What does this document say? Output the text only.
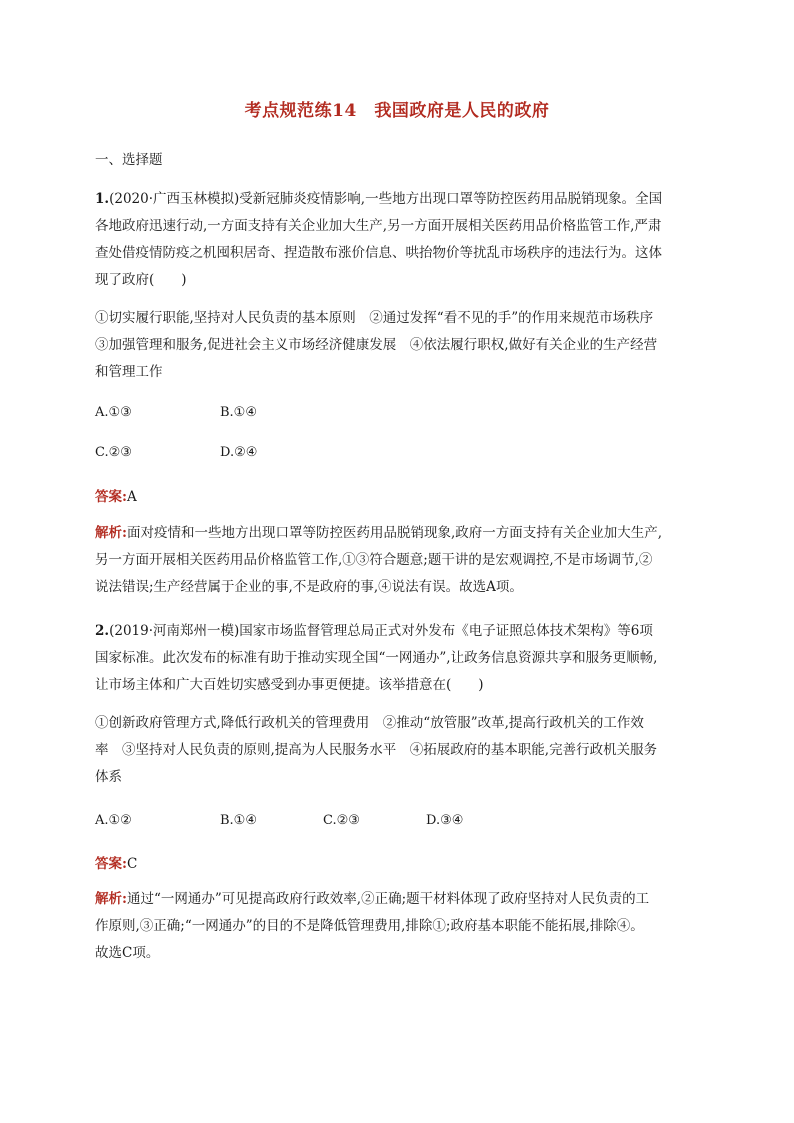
考点规范练14　我国政府是人民的政府
一、选择题
1.(2020·广西玉林模拟)受新冠肺炎疫情影响,一些地方出现口罩等防控医药用品脱销现象。全国
各地政府迅速行动,一方面支持有关企业加大生产,另一方面开展相关医药用品价格监管工作,严肃
查处借疫情防疫之机囤积居奇、捏造散布涨价信息、哄抬物价等扰乱市场秩序的违法行为。这体
现了政府(　　)
①切实履行职能,坚持对人民负责的基本原则　②通过发挥“看不见的手”的作用来规范市场秩序
③加强管理和服务,促进社会主义市场经济健康发展　④依法履行职权,做好有关企业的生产经营
和管理工作
A.①③	B.①④
C.②③	D.②④
答案:A
解析:面对疫情和一些地方出现口罩等防控医药用品脱销现象,政府一方面支持有关企业加大生产,
另一方面开展相关医药用品价格监管工作,①③符合题意;题干讲的是宏观调控,不是市场调节,②
说法错误;生产经营属于企业的事,不是政府的事,④说法有误。故选A项。
2.(2019·河南郑州一模)国家市场监督管理总局正式对外发布《电子证照总体技术架构》等6项
国家标准。此次发布的标准有助于推动实现全国“一网通办”,让政务信息资源共享和服务更顺畅,
让市场主体和广大百姓切实感受到办事更便捷。该举措意在(　　)
①创新政府管理方式,降低行政机关的管理费用　②推动“放管服”改革,提高行政机关的工作效
率　③坚持对人民负责的原则,提高为人民服务水平　④拓展政府的基本职能,完善行政机关服务
体系
A.①②	B.①④	C.②③	D.③④
答案:C
解析:通过“一网通办”可见提高政府行政效率,②正确;题干材料体现了政府坚持对人民负责的工
作原则,③正确;“一网通办”的目的不是降低管理费用,排除①;政府基本职能不能拓展,排除④。
故选C项。
